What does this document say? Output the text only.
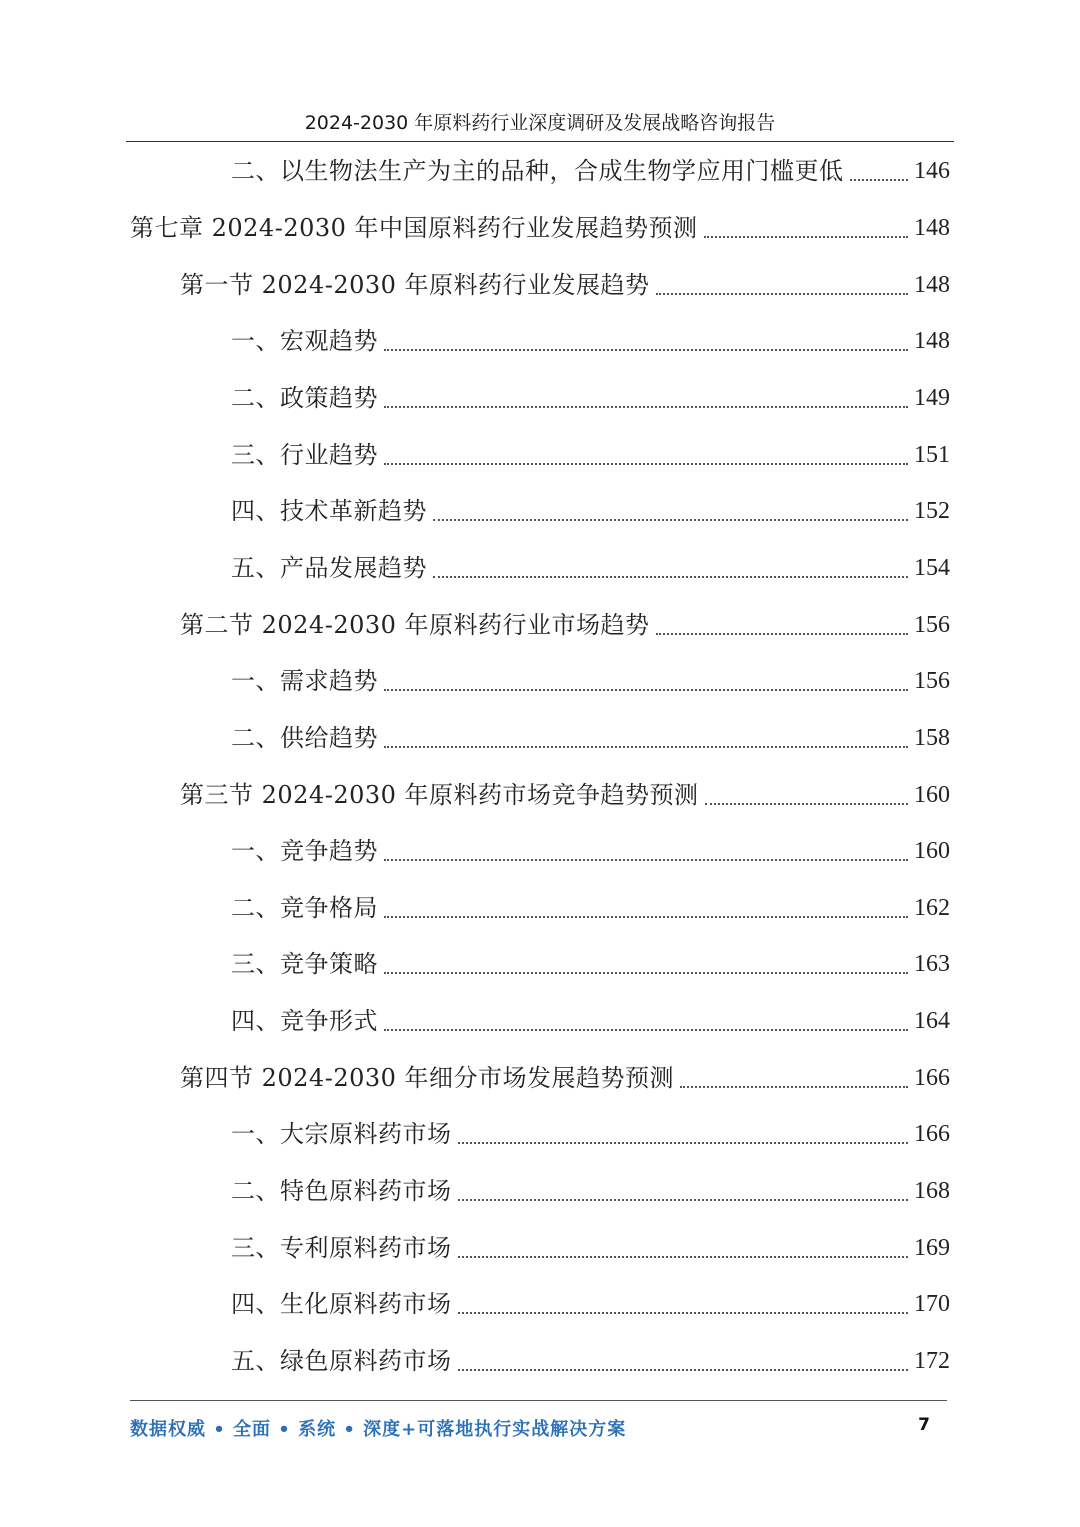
2024-2030 年原料药行业深度调研及发展战略咨询报告
二、以生物法生产为主的品种，合成生物学应用门槛更低	146
第七章 2024-2030 年中国原料药行业发展趋势预测	148
第一节 2024-2030 年原料药行业发展趋势	148
一、宏观趋势	148
二、政策趋势	149
三、行业趋势	151
四、技术革新趋势	152
五、产品发展趋势	154
第二节 2024-2030 年原料药行业市场趋势	156
一、需求趋势	156
二、供给趋势	158
第三节 2024-2030 年原料药市场竞争趋势预测	160
一、竞争趋势	160
二、竞争格局	162
三、竞争策略	163
四、竞争形式	164
第四节 2024-2030 年细分市场发展趋势预测	166
一、大宗原料药市场	166
二、特色原料药市场	168
三、专利原料药市场	169
四、生化原料药市场	170
五、绿色原料药市场	172
数据权威 • 全面 • 系统 • 深度+可落地执行实战解决方案	7
